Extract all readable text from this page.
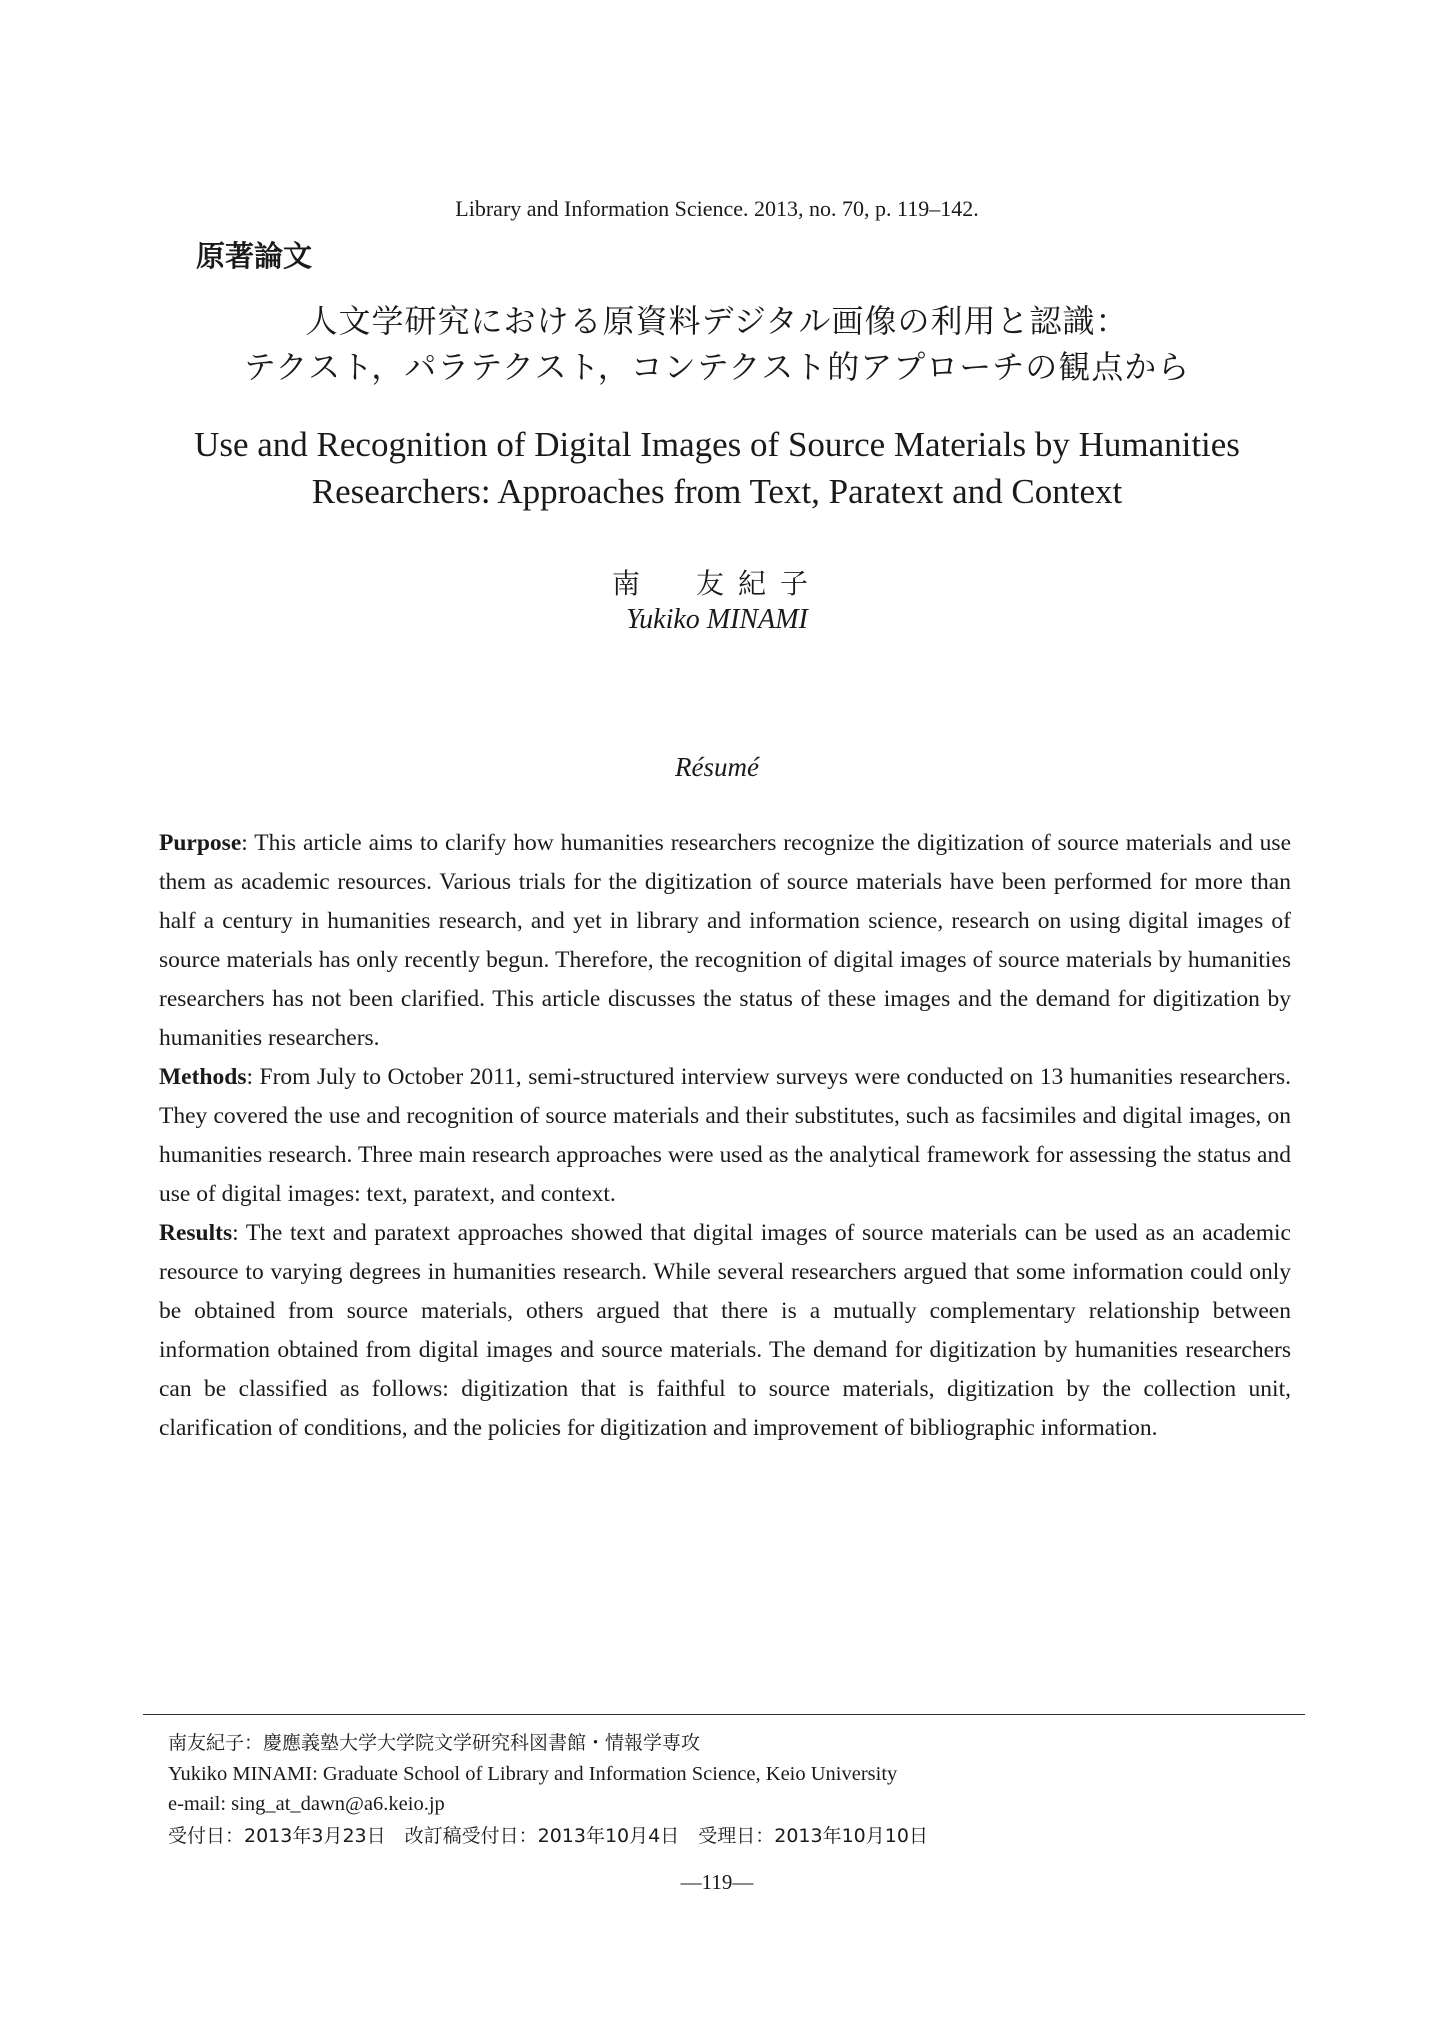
Library and Information Science. 2013, no. 70, p. 119–142.
原著論文
人文学研究における原資料デジタル画像の利用と認識：
テクスト，パラテクスト，コンテクスト的アプローチの観点から
Use and Recognition of Digital Images of Source Materials by Humanities
Researchers: Approaches from Text, Paratext and Context
南　友紀子
Yukiko MINAMI
Résumé

Purpose: This article aims to clarify how humanities researchers recognize the digitization of source materials and use them as academic resources. Various trials for the digitization of source materials have been performed for more than half a century in humanities research, and yet in library and information science, research on using digital images of source materials has only recently begun. Therefore, the recognition of digital images of source materials by humanities researchers has not been clarified. This article discusses the status of these images and the demand for digitization by humanities researchers.

Methods: From July to October 2011, semi-structured interview surveys were conducted on 13 humanities researchers. They covered the use and recognition of source materials and their substitutes, such as facsimiles and digital images, on humanities research. Three main research approaches were used as the analytical framework for assessing the status and use of digital images: text, paratext, and context.

Results: The text and paratext approaches showed that digital images of source materials can be used as an academic resource to varying degrees in humanities research. While several researchers argued that some information could only be obtained from source materials, others argued that there is a mutually complementary relationship between information obtained from digital images and source materials. The demand for digitization by humanities researchers can be classified as follows: digitization that is faithful to source materials, digitization by the collection unit, clarification of conditions, and the policies for digitization and improvement of bibliographic information.

南友紀子：慶應義塾大学大学院文学研究科図書館・情報学専攻
Yukiko MINAMI: Graduate School of Library and Information Science, Keio University
e-mail: sing_at_dawn@a6.keio.jp
受付日：2013年3月23日　改訂稿受付日：2013年10月4日　受理日：2013年10月10日
—119—
